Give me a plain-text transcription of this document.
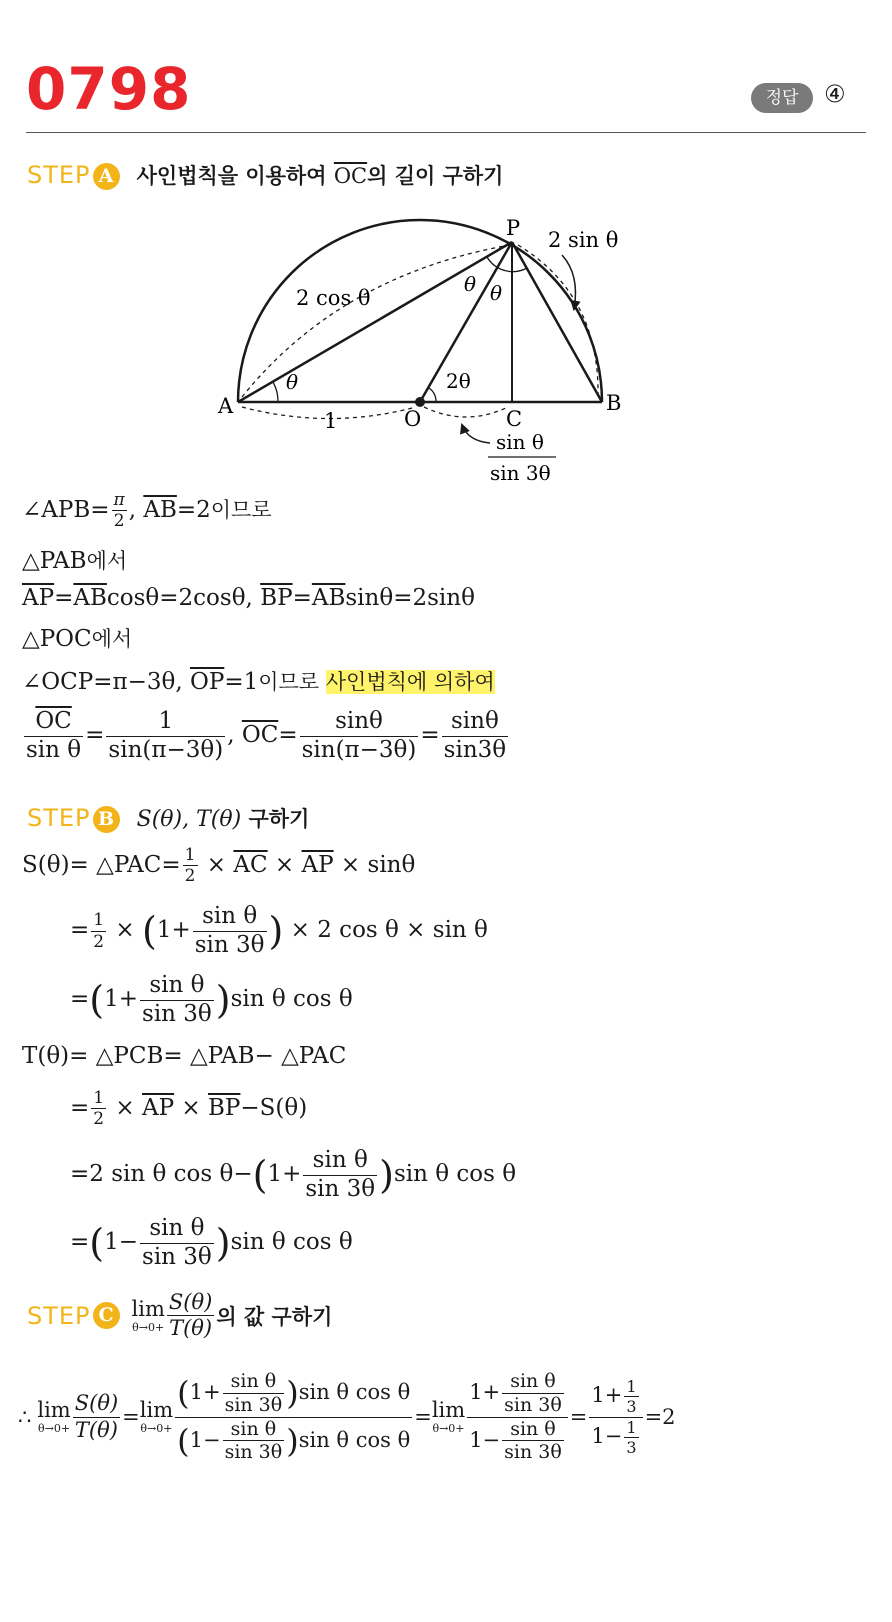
0798	정답	④
STEP A 사인법칙을 이용하여 $\overline{OC}$의 길이 구하기
P
A	B
O	C
2 sin θ
2 cos θ
θ
θ θ
2θ
1
sin θ
sin 3θ
∠APB= $\frac{\pi}{2}$ , $\overline{AB}=2$이므로
△PAB에서
$\overline{AP}=\overline{AB}\cos\theta=2\cos\theta$, $\overline{BP}=\overline{AB}\sin\theta=2\sin\theta$
△POC에서
∠OCP=π−3θ, $\overline{OP}=1$이므로 사인법칙에 의하여
$\frac{\overline{OC}}{\text{sin θ}} = \frac{1}{\sin(\pi-3\theta)}$ , $\overline{OC}= \frac{\sin\theta}{\sin(\pi-3\theta)} = \frac{\sin\theta}{\sin 3\theta}$
STEP B S(θ), T(θ) 구하기
S(θ)= △PAC= $\frac{1}{2} \times \overline{AC} \times \overline{AP} \times \sin\theta$
= $\frac{1}{2} \times (1+ \frac{\text{sin θ}}{\sin 3\theta}$ ) × 2 cos θ × sin θ
$=(1+ \frac{\text{sin θ}}{\sin 3\theta} )\sin$ θ cos θ
T(θ)= △PCB= △PAB− △PAC
= $\frac{1}{2} \times \overline{AP} \times \overline{BP}-S(\theta)$
=2 sin θ $\cos \theta-(1+ \frac{\text{sin θ}}{\sin 3\theta} )\sin$ θ cos θ
$=(1- \frac{\text{sin θ}}{\sin 3\theta} )\sin$ θ cos θ
STEP C lim
$\theta\to 0+ \frac{S(\theta)}{T(\theta)}$ 의 값 구하기
∴ lim
$\theta\to 0+ \frac{S(\theta)}{T(\theta)} = \lim$
$\theta\to 0+ \frac{(1+ \frac{\text{sin θ}}{\sin 3\theta} )\sin \theta \cos \theta}{(1- \frac{\text{sin θ}}{\sin 3\theta} )\sin \theta \cos \theta} = \lim$
$\theta\to 0+ \frac{1+ \frac{\text{sin θ}}{\sin 3\theta}}{1- \frac{\text{sin θ}}{\sin 3\theta}} = \frac{1+ \frac{1}{3}}{1- \frac{1}{3}} =2$
